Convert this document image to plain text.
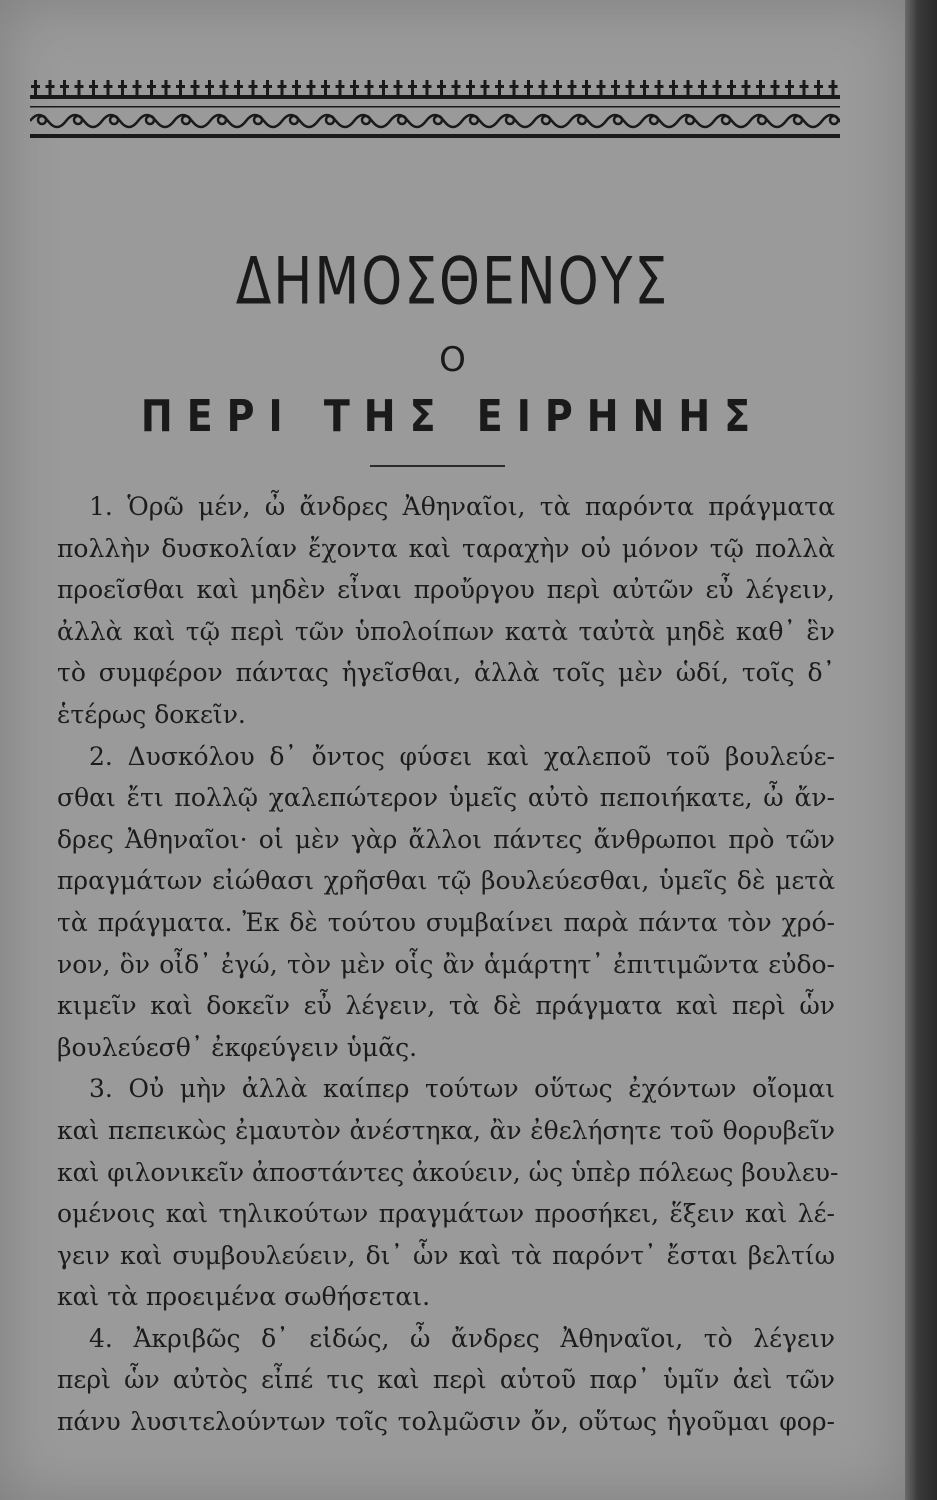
ΔΗΜΟΣΘΕΝΟΥΣ
Ο
ΠΕΡΙ ΤΗΣ ΕΙΡΗΝΗΣ
1. Ὁρῶ μέν, ὦ ἄνδρες Ἀθηναῖοι, τὰ παρόντα πράγματα
πολλὴν δυσκολίαν ἔχοντα καὶ ταραχὴν οὐ μόνον τῷ πολλὰ
προεῖσθαι καὶ μηδὲν εἶναι προὔργου περὶ αὐτῶν εὖ λέγειν,
ἀλλὰ καὶ τῷ περὶ τῶν ὑπολοίπων κατὰ ταὐτὰ μηδὲ καθ᾽ ἓν
τὸ συμφέρον πάντας ἡγεῖσθαι, ἀλλὰ τοῖς μὲν ὡδί, τοῖς δ᾽
ἑτέρως δοκεῖν.
2. Δυσκόλου δ᾽ ὄντος φύσει καὶ χαλεποῦ τοῦ βουλεύε-
σθαι ἔτι πολλῷ χαλεπώτερον ὑμεῖς αὐτὸ πεποιήκατε, ὦ ἄν-
δρες Ἀθηναῖοι· οἱ μὲν γὰρ ἄλλοι πάντες ἄνθρωποι πρὸ τῶν
πραγμάτων εἰώθασι χρῆσθαι τῷ βουλεύεσθαι, ὑμεῖς δὲ μετὰ
τὰ πράγματα. Ἐκ δὲ τούτου συμβαίνει παρὰ πάντα τὸν χρό-
νον, ὃν οἶδ᾽ ἐγώ, τὸν μὲν οἷς ἂν ἁμάρτητ᾽ ἐπιτιμῶντα εὐδο-
κιμεῖν καὶ δοκεῖν εὖ λέγειν, τὰ δὲ πράγματα καὶ περὶ ὧν
βουλεύεσθ᾽ ἐκφεύγειν ὑμᾶς.
3. Οὐ μὴν ἀλλὰ καίπερ τούτων οὕτως ἐχόντων οἴομαι
καὶ πεπεικὼς ἐμαυτὸν ἀνέστηκα, ἂν ἐθελήσητε τοῦ θορυβεῖν
καὶ φιλονικεῖν ἀποστάντες ἀκούειν, ὡς ὑπὲρ πόλεως βουλευ-
ομένοις καὶ τηλικούτων πραγμάτων προσήκει, ἕξειν καὶ λέ-
γειν καὶ συμβουλεύειν, δι᾽ ὧν καὶ τὰ παρόντ᾽ ἔσται βελτίω
καὶ τὰ προειμένα σωθήσεται.
4. Ἀκριβῶς δ᾽ εἰδώς, ὦ ἄνδρες Ἀθηναῖοι, τὸ λέγειν
περὶ ὧν αὐτὸς εἶπέ τις καὶ περὶ αὑτοῦ παρ᾽ ὑμῖν ἀεὶ τῶν
πάνυ λυσιτελούντων τοῖς τολμῶσιν ὄν, οὕτως ἡγοῦμαι φορ-
